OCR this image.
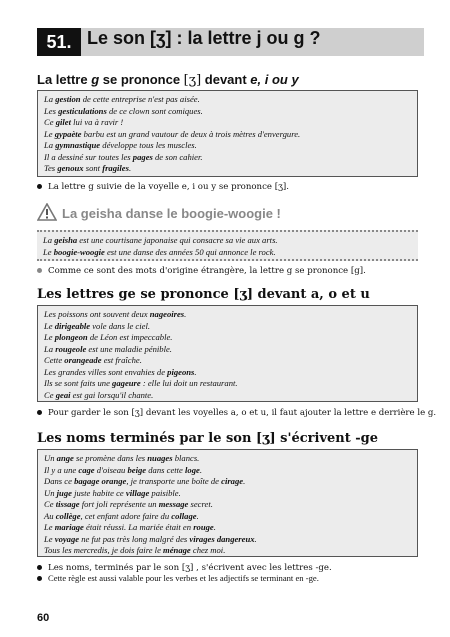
51. Le son [ʒ] : la lettre j ou g ?
La lettre g se prononce [ʒ] devant e, i ou y
La gestion de cette entreprise n'est pas aisée.
Les gesticulations de ce clown sont comiques.
Ce gilet lui va à ravir !
Le gypaète barbu est un grand vautour de deux à trois mètres d'envergure.
La gymnastique développe tous les muscles.
Il a dessiné sur toutes les pages de son cahier.
Tes genoux sont fragiles.
La lettre g suivie de la voyelle e, i ou y se prononce [ʒ].
La geisha danse le boogie-woogie !
La geisha est une courtisane japonaise qui consacre sa vie aux arts.
Le boogie-woogie est une danse des années 50 qui annonce le rock.
Comme ce sont des mots d'origine étrangère, la lettre g se prononce [g].
Les lettres ge se prononce [ʒ] devant a, o et u
Les poissons ont souvent deux nageoires.
Le dirigeable vole dans le ciel.
Le plongeon de Léon est impeccable.
La rougeole est une maladie pénible.
Cette orangeade est fraîche.
Les grandes villes sont envahies de pigeons.
Ils se sont faits une gageure : elle lui doit un restaurant.
Ce geai est gai lorsqu'il chante.
Pour garder le son [ʒ] devant les voyelles a, o et u, il faut ajouter la lettre e derrière le g.
Les noms terminés par le son [ʒ] s'écrivent -ge
Un ange se promène dans les nuages blancs.
Il y a une cage d'oiseau beige dans cette loge.
Dans ce bagage orange, je transporte une boîte de cirage.
Un juge juste habite ce village paisible.
Ce tissage fort joli représente un message secret.
Au collège, cet enfant adore faire du collage.
Le mariage était réussi. La mariée était en rouge.
Le voyage ne fut pas très long malgré des virages dangereux.
Tous les mercredis, je dois faire le ménage chez moi.
Les noms, terminés par le son [ʒ] , s'écrivent avec les lettres -ge.
Cette règle est aussi valable pour les verbes et les adjectifs se terminant en -ge.
60
